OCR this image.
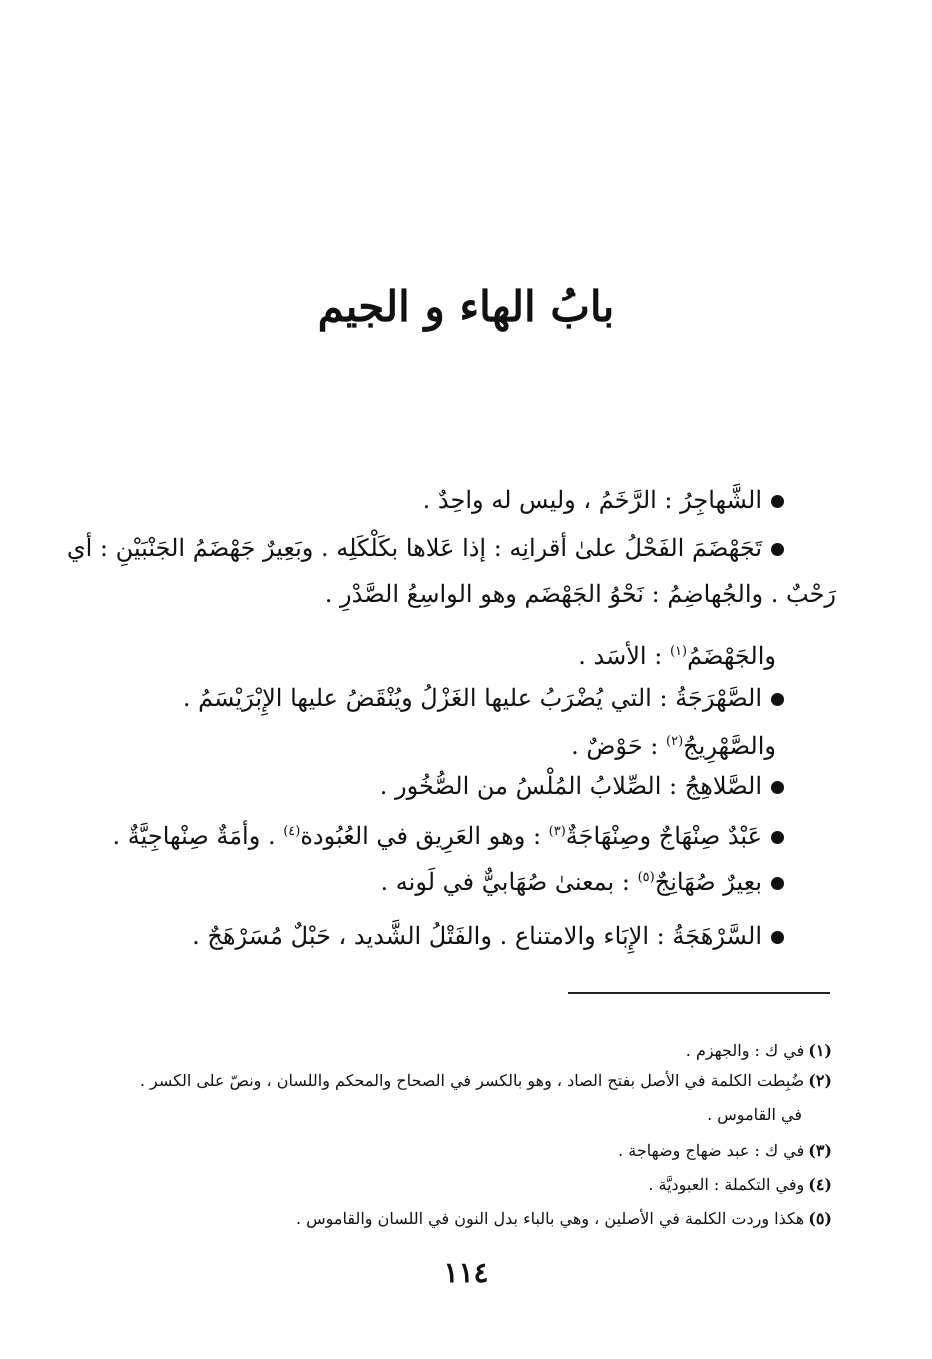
بابُ الهاء و الجيم
الشَّهاجِرُ : الرَّخَمُ ، وليس له واحِدٌ .
تَجَهْضَمَ الفَحْلُ علىٰ أقرانِه : إذا عَلاها بكَلْكَلِه . وبَعِيرٌ جَهْضَمُ الجَنْبَيْنِ : أي
رَحْبٌ . والجُهاضِمُ : نَحْوُ الجَهْضَم وهو الواسِعُ الصَّدْرِ .
والجَهْضَمُ$^{(١)}$ : الأسَد .
الصَّهْرَجَةُ : التي يُضْرَبُ عليها الغَزْلُ ويُنْقَضُ عليها الإِبْرَيْسَمُ .
والصَّهْرِيجُ$^{(٢)}$ : حَوْضٌ .
الصَّلاهِجُ : الصِّلابُ المُلْسُ من الصُّخُور .
عَبْدٌ صِنْهَاجٌ وصِنْهَاجَةٌ$^{(٣)}$ : وهو العَرِيق في العُبُودة$^{(٤)}$ . وأمَةٌ صِنْهاجِيَّةٌ .
بعِيرٌ صُهَانِجٌ$^{(٥)}$ : بمعنىٰ صُهَابيٌّ في لَونه .
السَّرْهَجَةُ : الإِبَاء والامتناع . والفَتْلُ الشَّديد ، حَبْلٌ مُسَرْهَجٌ .
(١)في ك : والجهزم .
(٢)ضُبِطت الكلمة في الأصل بفتح الصاد ، وهو بالكسر في الصحاح والمحكم واللسان ، ونصّ على الكسر .
في القاموس .
(٣)في ك : عبد ضهاج وضهاجة .
(٤)وفي التكملة : العبوديَّة .
(٥)هكذا وردت الكلمة في الأصلين ، وهي بالباء بدل النون في اللسان والقاموس .
١١٤
